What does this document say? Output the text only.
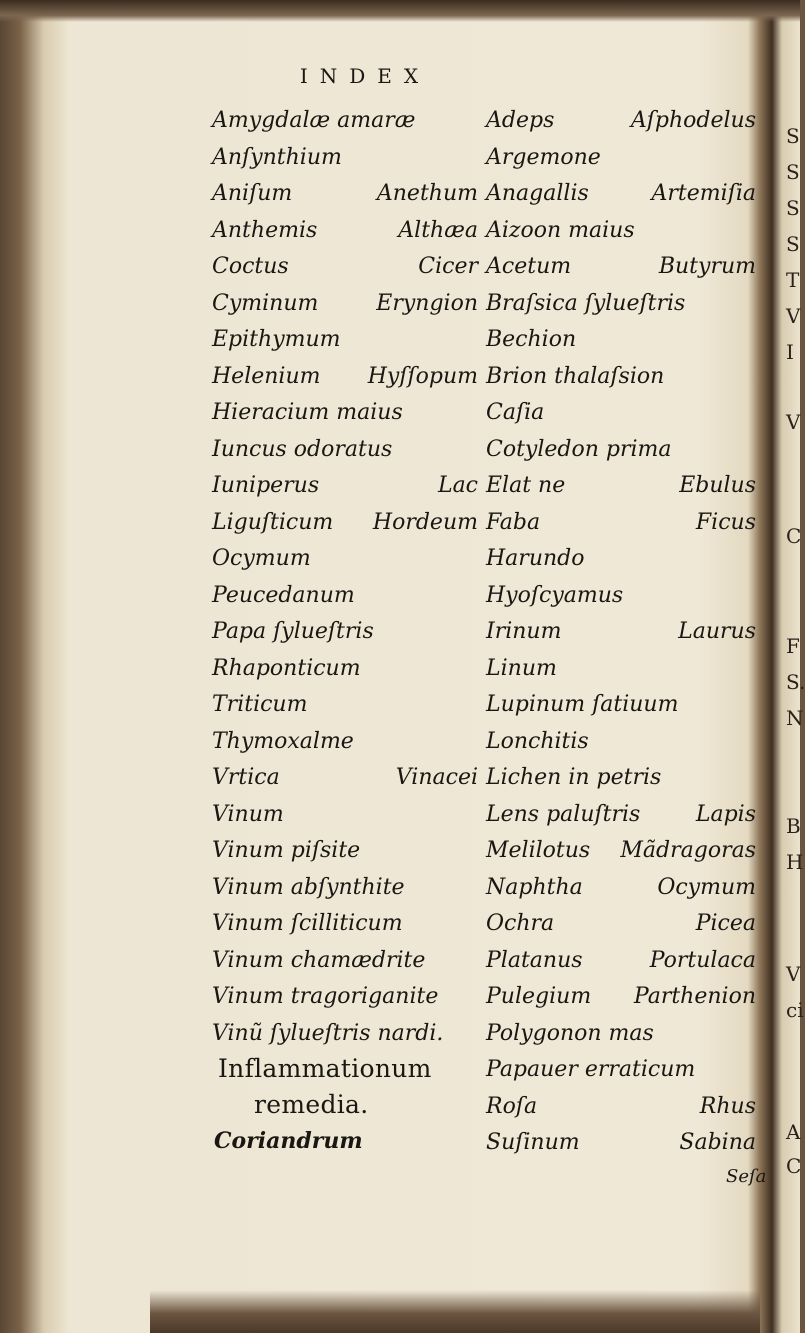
INDEX
Amygdalæ amaræ
Anſynthium
Aniſum	Anethum
Anthemis	Althæa
Coctus	Cicer
Cyminum	Eryngion
Epithymum
Helenium Hyſſopum
Hieracium maius
Iuncus odoratus
Iuniperus	Lac
Liguſticum Hordeum
Ocymum
Peucedanum
Papa ſylueſtris
Rhaponticum
Triticum
Thymoxalme
Vrtica	Vinacei
Vinum
Vinum piſsite
Vinum abſynthite
Vinum ſcilliticum
Vinum chamædrite
Vinum tragoriganite
Vinũ ſylueſtris nardi.
Adeps	Aſphodelus
Argemone
Anagallis	Artemiſia
Aizoon maius
Acetum	Butyrum
Braſsica ſylueſtris
Bechion
Brion thalaſsion
Caſia
Cotyledon prima
Elat ne	Ebulus
Faba	Ficus
Harundo
Hyoſcyamus
Irinum	Laurus
Linum
Lupinum ſatiuum
Lonchitis
Lichen in petris
Lens paluſtris	Lapis
Melilotus Mãdragoras
Naphtha	Ocymum
Ochra	Picea
Platanus	Portulaca
Pulegium Parthenion
Polygonon mas
Papauer erraticum
Roſa	Rhus
Suſinum	Sabina
Inflammationum
remedia.
Coriandrum
Seſa
S
S
S
S
T
V
I
V
C
F
S.
N
B
H
V
ci
A
C
